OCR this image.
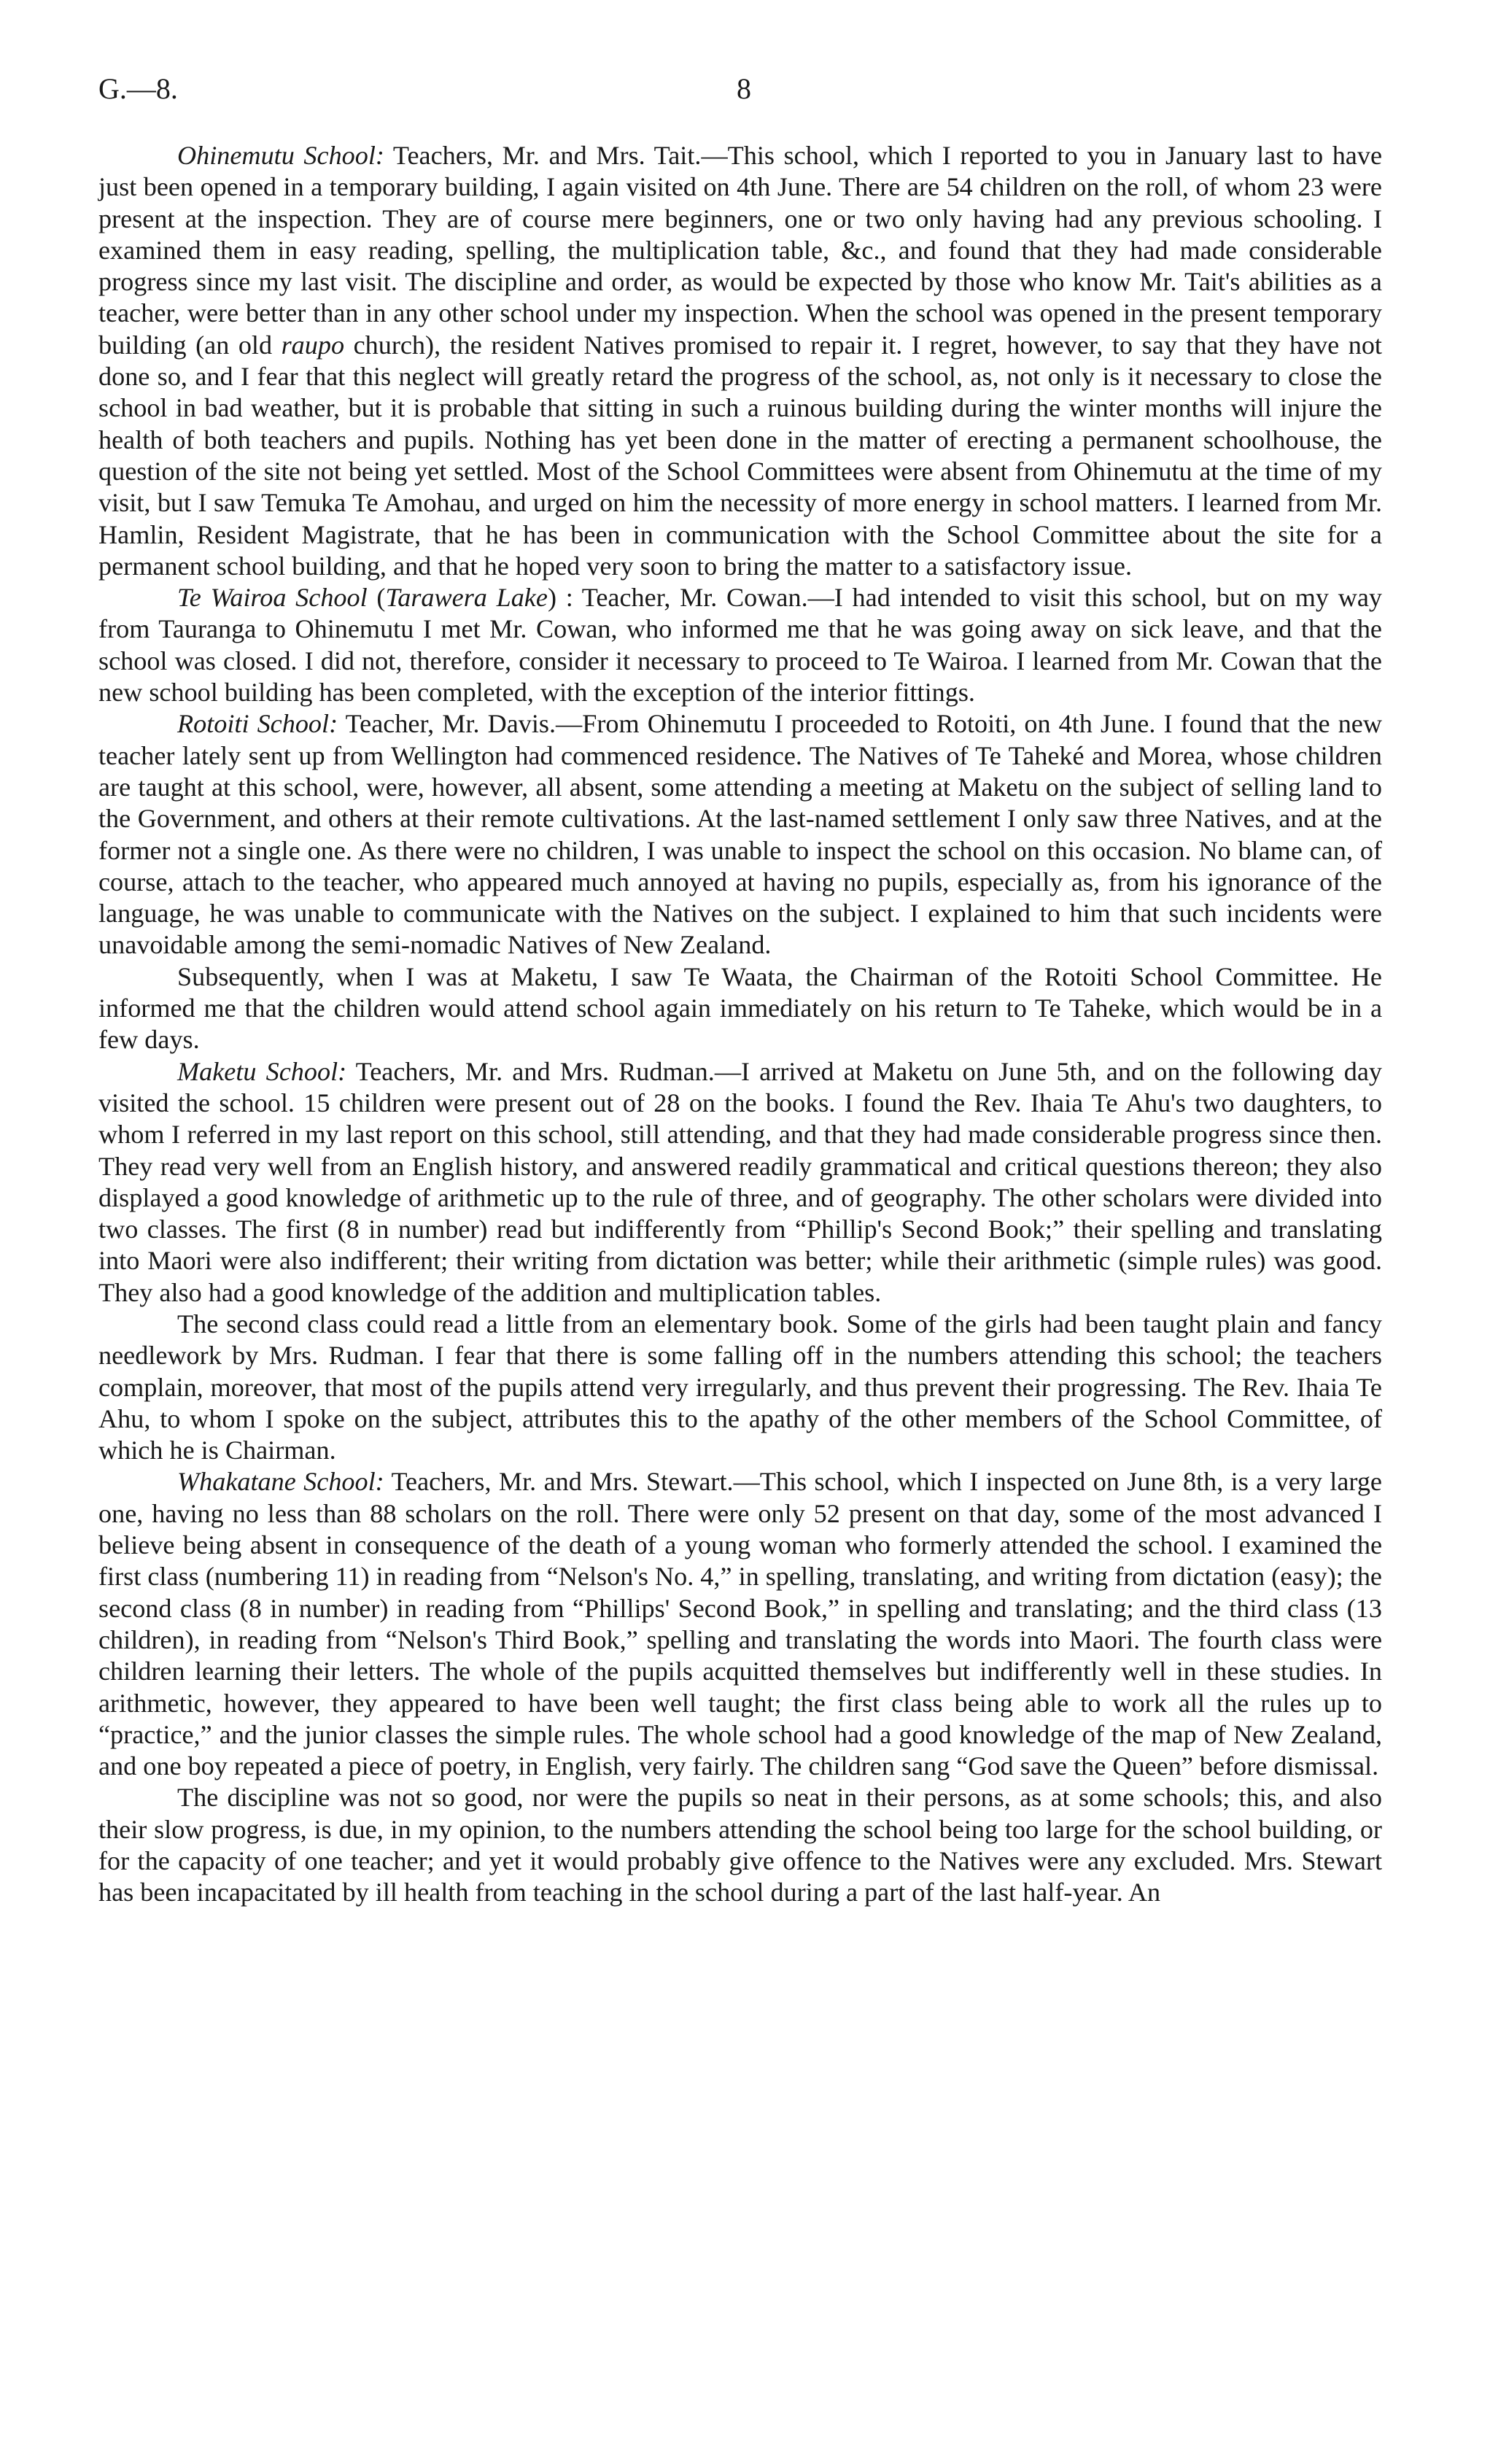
G.—8.	8

Ohinemutu School: Teachers, Mr. and Mrs. Tait.—This school, which I reported to you in January last to have just been opened in a temporary building, I again visited on 4th June. There are 54 children on the roll, of whom 23 were present at the inspection. They are of course mere beginners, one or two only having had any previous schooling. I examined them in easy reading, spelling, the multiplication table, &c., and found that they had made considerable progress since my last visit. The discipline and order, as would be expected by those who know Mr. Tait's abilities as a teacher, were better than in any other school under my inspection. When the school was opened in the present temporary building (an old raupo church), the resident Natives promised to repair it. I regret, however, to say that they have not done so, and I fear that this neglect will greatly retard the progress of the school, as, not only is it necessary to close the school in bad weather, but it is probable that sitting in such a ruinous building during the winter months will injure the health of both teachers and pupils. Nothing has yet been done in the matter of erecting a permanent schoolhouse, the question of the site not being yet settled. Most of the School Committees were absent from Ohinemutu at the time of my visit, but I saw Temuka Te Amohau, and urged on him the necessity of more energy in school matters. I learned from Mr. Hamlin, Resident Magistrate, that he has been in communication with the School Committee about the site for a permanent school building, and that he hoped very soon to bring the matter to a satisfactory issue.

Te Wairoa School (Tarawera Lake) : Teacher, Mr. Cowan.—I had intended to visit this school, but on my way from Tauranga to Ohinemutu I met Mr. Cowan, who informed me that he was going away on sick leave, and that the school was closed. I did not, therefore, consider it necessary to proceed to Te Wairoa. I learned from Mr. Cowan that the new school building has been completed, with the exception of the interior fittings.

Rotoiti School: Teacher, Mr. Davis.—From Ohinemutu I proceeded to Rotoiti, on 4th June. I found that the new teacher lately sent up from Wellington had commenced residence. The Natives of Te Taheké and Morea, whose children are taught at this school, were, however, all absent, some attending a meeting at Maketu on the subject of selling land to the Government, and others at their remote cultivations. At the last-named settlement I only saw three Natives, and at the former not a single one. As there were no children, I was unable to inspect the school on this occasion. No blame can, of course, attach to the teacher, who appeared much annoyed at having no pupils, especially as, from his ignorance of the language, he was unable to communicate with the Natives on the subject. I explained to him that such incidents were unavoidable among the semi-nomadic Natives of New Zealand.

Subsequently, when I was at Maketu, I saw Te Waata, the Chairman of the Rotoiti School Committee. He informed me that the children would attend school again immediately on his return to Te Taheke, which would be in a few days.

Maketu School: Teachers, Mr. and Mrs. Rudman.—I arrived at Maketu on June 5th, and on the following day visited the school. 15 children were present out of 28 on the books. I found the Rev. Ihaia Te Ahu's two daughters, to whom I referred in my last report on this school, still attending, and that they had made considerable progress since then. They read very well from an English history, and answered readily grammatical and critical questions thereon; they also displayed a good knowledge of arithmetic up to the rule of three, and of geography. The other scholars were divided into two classes. The first (8 in number) read but indifferently from “Phillip's Second Book;” their spelling and translating into Maori were also indifferent; their writing from dictation was better; while their arithmetic (simple rules) was good. They also had a good knowledge of the addition and multiplication tables.

The second class could read a little from an elementary book. Some of the girls had been taught plain and fancy needlework by Mrs. Rudman. I fear that there is some falling off in the numbers attending this school; the teachers complain, moreover, that most of the pupils attend very irregularly, and thus prevent their progressing. The Rev. Ihaia Te Ahu, to whom I spoke on the subject, attributes this to the apathy of the other members of the School Committee, of which he is Chairman.

Whakatane School: Teachers, Mr. and Mrs. Stewart.—This school, which I inspected on June 8th, is a very large one, having no less than 88 scholars on the roll. There were only 52 present on that day, some of the most advanced I believe being absent in consequence of the death of a young woman who formerly attended the school. I examined the first class (numbering 11) in reading from “Nelson's No. 4,” in spelling, translating, and writing from dictation (easy); the second class (8 in number) in reading from “Phillips' Second Book,” in spelling and translating; and the third class (13 children), in reading from “Nelson's Third Book,” spelling and translating the words into Maori. The fourth class were children learning their letters. The whole of the pupils acquitted themselves but indifferently well in these studies. In arithmetic, however, they appeared to have been well taught; the first class being able to work all the rules up to “practice,” and the junior classes the simple rules. The whole school had a good knowledge of the map of New Zealand, and one boy repeated a piece of poetry, in English, very fairly. The children sang “God save the Queen” before dismissal.

The discipline was not so good, nor were the pupils so neat in their persons, as at some schools; this, and also their slow progress, is due, in my opinion, to the numbers attending the school being too large for the school building, or for the capacity of one teacher; and yet it would probably give offence to the Natives were any excluded. Mrs. Stewart has been incapacitated by ill health from teaching in the school during a part of the last half-year. An
